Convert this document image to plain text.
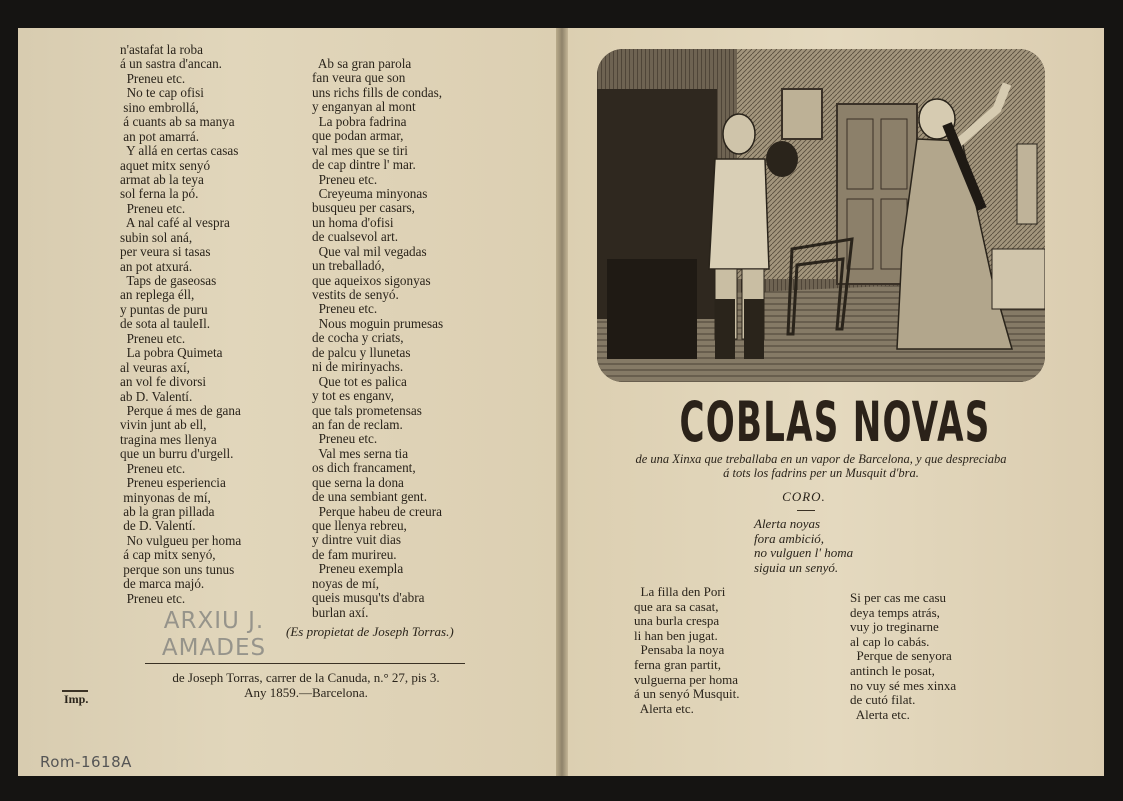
n'astafat la roba
á un sastra d'ancan.
Preneu etc.
No te cap ofisi
sino embrollá,
á cuants ab sa manya
an pot amarrá.
Y allá en certas casas
aquet mitx senyó
armat ab la teya
sol ferna la pó.
Preneu etc.
A nal café al vespra
subin sol aná,
per veura si tasas
an pot atxurá.
Taps de gaseosas
an replega éll,
y puntas de puru
de sota al tauleIl.
Preneu etc.
La pobra Quimeta
al veuras axí,
an vol fe divorsi
ab D. Valentí.
Perque á mes de gana
vivin junt ab ell,
tragina mes llenya
que un burru d'urgell.
Preneu etc.
Preneu esperiencia
minyonas de mí,
ab la gran pillada
de D. Valentí.
No vulgueu per homa
á cap mitx senyó,
perque son uns tunus
de marca majó.
Preneu etc.
Ab sa gran parola
fan veura que son
uns richs fills de condas,
y enganyan al mont
La pobra fadrina
que podan armar,
val mes que se tiri
de cap dintre l' mar.
Preneu etc.
Creyeuma minyonas
busqueu per casars,
un homa d'ofisi
de cualsevol art.
Que val mil vegadas
un treballadó,
que aqueixos sigonyas
vestits de senyó.
Preneu etc.
Nous moguin prumesas
de cocha y criats,
de palcu y llunetas
ni de mirinyachs.
Que tot es palica
y tot es enganv,
que tals prometensas
an fan de reclam.
Preneu etc.
Val mes serna tia
os dich francament,
que serna la dona
de una sembiant gent.
Perque habeu de creura
que llenya rebreu,
y dintre vuit dias
de fam murireu.
Preneu exempla
noyas de mí,
queis musqu'ts d'abra
burlan axí.
ARXIU J.
AMADES
(Es propietat de Joseph Torras.)
de Joseph Torras, carrer de la Canuda, n.° 27, pis 3.
Any 1859.—Barcelona.
Imp.
Rom-1618A
COBLAS NOVAS
de una Xinxa que treballaba en un vapor de Barcelona, y que despreciaba
á tots los fadrins per un Musquit d'bra.
CORO.
Alerta noyas
fora ambició,
no vulguen l' homa
siguia un senyó.
La filla den Pori
que ara sa casat,
una burla crespa
li han ben jugat.
Pensaba la noya
ferna gran partit,
vulguerna per homa
á un senyó Musquit.
Alerta etc.
Si per cas me casu
deya temps atrás,
vuy jo treginarne
al cap lo cabás.
Perque de senyora
antinch le posat,
no vuy sé mes xinxa
de cutó filat.
Alerta etc.
